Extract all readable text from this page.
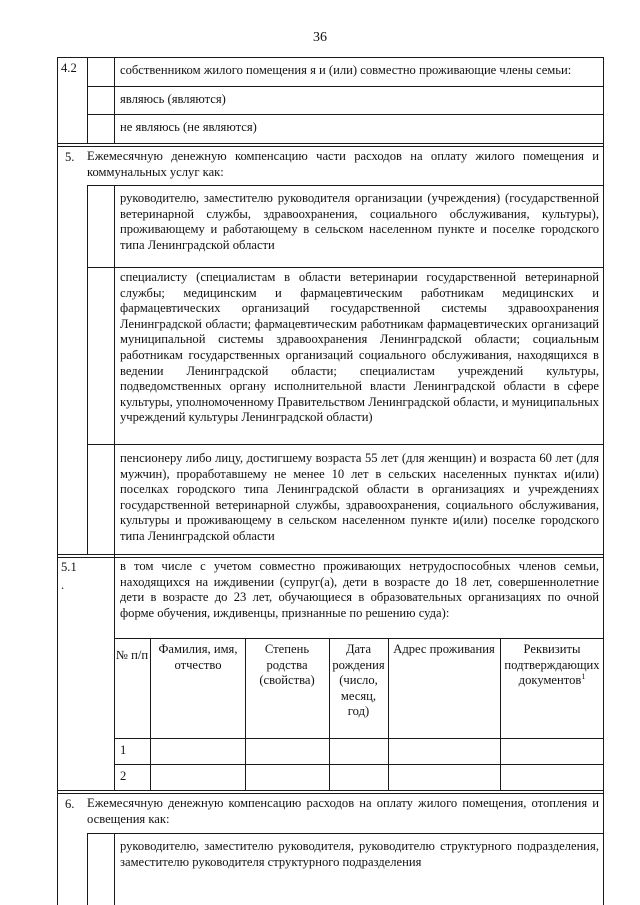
36
4.2	собственником жилого помещения я и (или) совместно проживающие члены семьи:
являюсь (являются)
не являюсь (не являются)
5. Ежемесячную денежную компенсацию части расходов на оплату жилого помещения и коммунальных услуг как:
руководителю, заместителю руководителя организации (учреждения) (государственной ветеринарной службы, здравоохранения, социального обслуживания, культуры), проживающему и работающему в сельском населенном пункте и поселке городского типа Ленинградской области
специалисту (специалистам в области ветеринарии государственной ветеринарной службы; медицинским и фармацевтическим работникам медицинских и фармацевтических организаций государственной системы здравоохранения Ленинградской области; фармацевтическим работникам фармацевтических организаций муниципальной системы здравоохранения Ленинградской области; социальным работникам государственных организаций социального обслуживания, находящихся в ведении Ленинградской области; специалистам учреждений культуры, подведомственных органу исполнительной власти Ленинградской области в сфере культуры, уполномоченному Правительством Ленинградской области, и муниципальных учреждений культуры Ленинградской области)
пенсионеру либо лицу, достигшему возраста 55 лет (для женщин) и возраста 60 лет (для мужчин), проработавшему не менее 10 лет в сельских населенных пунктах и(или) поселках городского типа Ленинградской области в организациях и учреждениях государственной ветеринарной службы, здравоохранения, социального обслуживания, культуры и проживающему в сельском населенном пункте и(или) поселке городского типа Ленинградской области
5.1
.
в том числе с учетом совместно проживающих нетрудоспособных членов семьи, находящихся на иждивении (супруг(а), дети в возрасте до 18 лет, совершеннолетние дети в возрасте до 23 лет, обучающиеся в образовательных организациях по очной форме обучения, иждивенцы, признанные по решению суда):
№ п/п Фамилия, имя, отчество
Степень родства (свойства)
Дата рождения (число, месяц, год)
Адрес проживания	Реквизиты подтверждающих документов$^1$
1
2
6. Ежемесячную денежную компенсацию расходов на оплату жилого помещения, отопления и освещения как:
руководителю, заместителю руководителя, руководителю структурного подразделения, заместителю руководителя структурного подразделения
